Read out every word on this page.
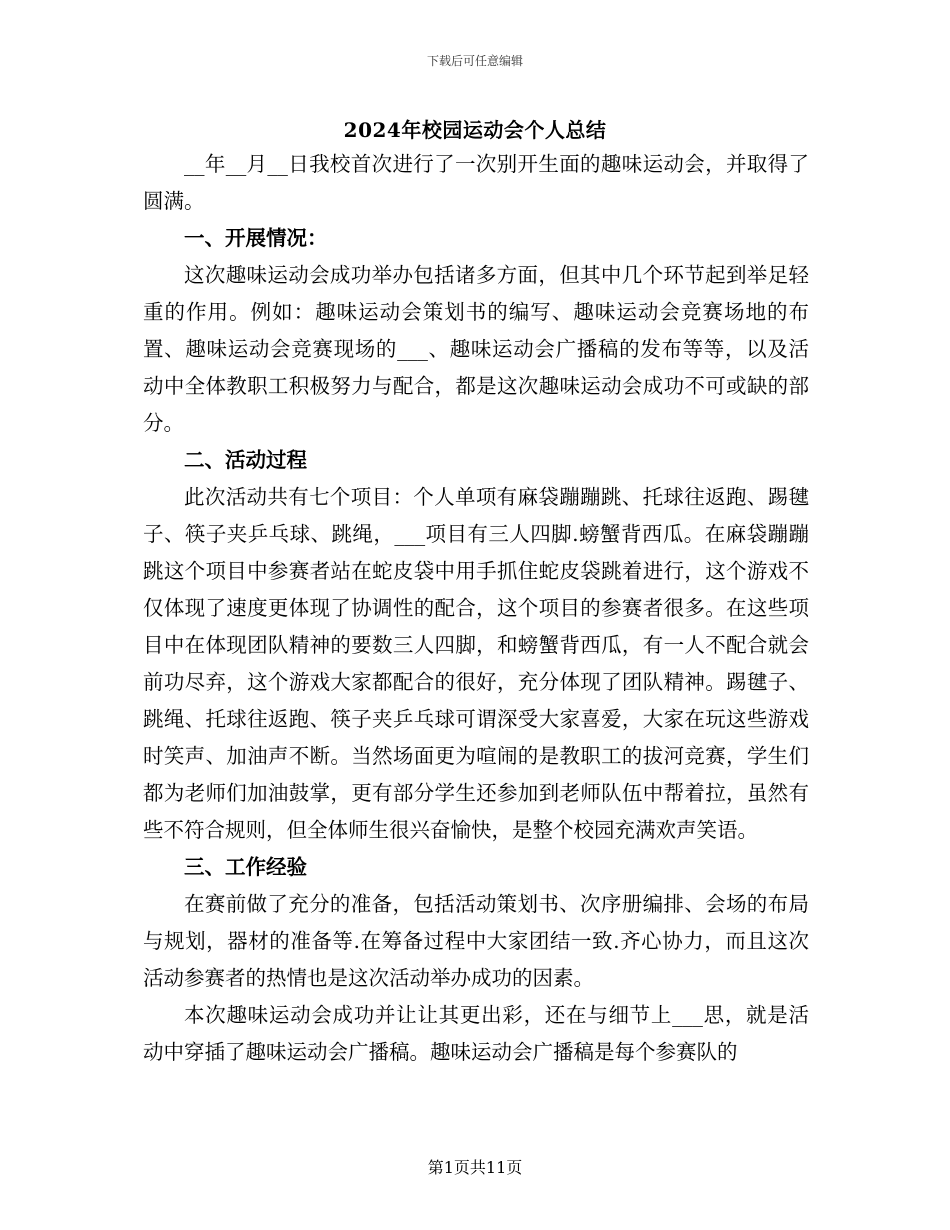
下载后可任意编辑
2024年校园运动会个人总结

__年__月__日我校首次进行了一次别开生面的趣味运动会，并取得了圆满。

一、开展情况：

这次趣味运动会成功举办包括诸多方面，但其中几个环节起到举足轻重的作用。例如：趣味运动会策划书的编写、趣味运动会竞赛场地的布置、趣味运动会竞赛现场的___、趣味运动会广播稿的发布等等，以及活动中全体教职工积极努力与配合，都是这次趣味运动会成功不可或缺的部分。

二、活动过程

此次活动共有七个项目：个人单项有麻袋蹦蹦跳、托球往返跑、踢毽子、筷子夹乒乓球、跳绳，___项目有三人四脚.螃蟹背西瓜。在麻袋蹦蹦跳这个项目中参赛者站在蛇皮袋中用手抓住蛇皮袋跳着进行，这个游戏不仅体现了速度更体现了协调性的配合，这个项目的参赛者很多。在这些项目中在体现团队精神的要数三人四脚，和螃蟹背西瓜，有一人不配合就会前功尽弃，这个游戏大家都配合的很好，充分体现了团队精神。踢毽子、跳绳、托球往返跑、筷子夹乒乓球可谓深受大家喜爱，大家在玩这些游戏时笑声、加油声不断。当然场面更为喧闹的是教职工的拔河竞赛，学生们都为老师们加油鼓掌，更有部分学生还参加到老师队伍中帮着拉，虽然有些不符合规则，但全体师生很兴奋愉快，是整个校园充满欢声笑语。

三、工作经验

在赛前做了充分的准备，包括活动策划书、次序册编排、会场的布局与规划，器材的准备等.在筹备过程中大家团结一致.齐心协力，而且这次活动参赛者的热情也是这次活动举办成功的因素。

本次趣味运动会成功并让让其更出彩，还在与细节上___思，就是活动中穿插了趣味运动会广播稿。趣味运动会广播稿是每个参赛队的

第1页共11页
